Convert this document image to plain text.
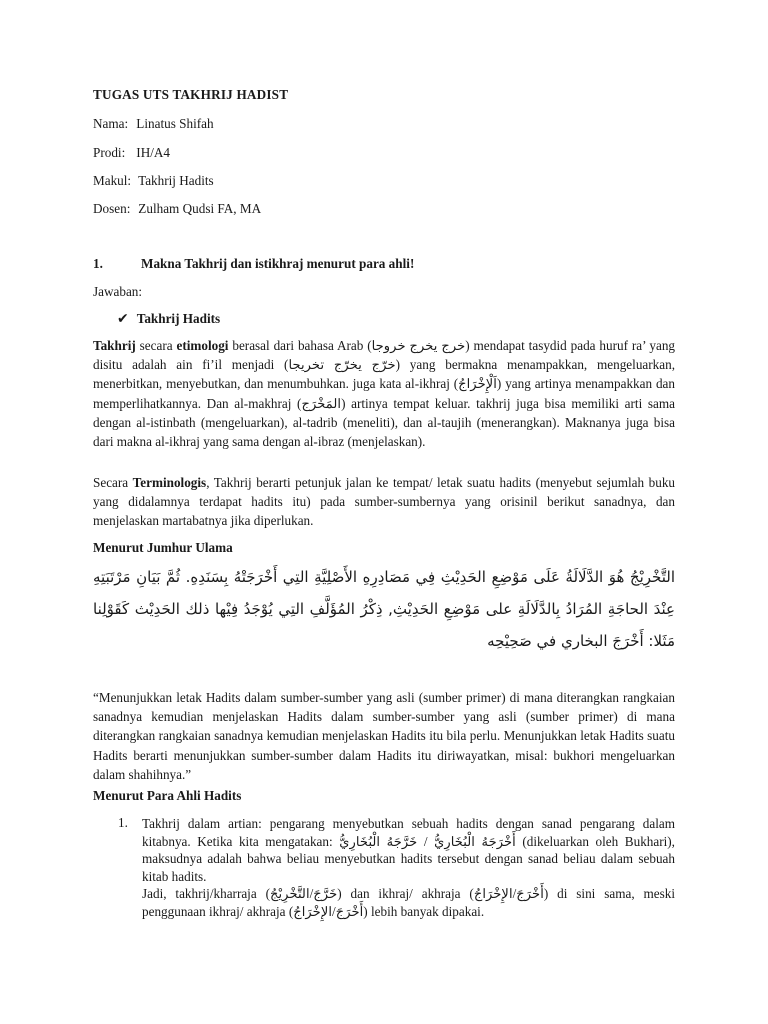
TUGAS UTS TAKHRIJ HADIST
Nama: Linatus Shifah
Prodi: IH/A4
Makul: Takhrij Hadits
Dosen: Zulham Qudsi FA, MA
1.	Makna Takhrij dan istikhraj menurut para ahli!
Jawaban:
✔ Takhrij Hadits
Takhrij secara etimologi berasal dari bahasa Arab (خرج يخرج خروجا) mendapat tasydid pada huruf ra’ yang disitu adalah ain fi’il menjadi (خرّج يخرّج تخريجا) yang bermakna menampakkan, mengeluarkan, menerbitkan, menyebutkan, dan menumbuhkan. juga kata al-ikhraj (اَلْإِخْرَاجُ) yang artinya menampakkan dan memperlihatkannya. Dan al-makhraj (المَخْرَج) artinya tempat keluar. takhrij juga bisa memiliki arti sama dengan al-istinbath (mengeluarkan), al-tadrib (meneliti), dan al-taujih (menerangkan). Maknanya juga bisa dari makna al-ikhraj yang sama dengan al-ibraz (menjelaskan).
Secara Terminologis, Takhrij berarti petunjuk jalan ke tempat/ letak suatu hadits (menyebut sejumlah buku yang didalamnya terdapat hadits itu) pada sumber-sumbernya yang orisinil berikut sanadnya, dan menjelaskan martabatnya jika diperlukan.
Menurut Jumhur Ulama
التَّخْرِيْجُ هُوَ الدَّلَالَةُ عَلَى مَوْضِعِ الحَدِيْثِ فِي مَصَادِرِهِ الأَصْلِيَّةِ التِي أَخْرَجَتْهُ بِسَنَدِهِ. ثُمَّ بَيَانِ مَرْتَبَتِهِ عِنْدَ الحاجَةِ المُرَادُ بِالدَّلَالَةِ على مَوْضِعِ الحَدِيْثِ, ذِكْرُ المُؤَلَّفِ التِي يُوْجَدُ فِيْها ذلك الحَدِيْث كَقَوْلِنا مَثَلا: أَخْرَجَ البخاري في صَحِيْحِه
“Menunjukkan letak Hadits dalam sumber-sumber yang asli (sumber primer) di mana diterangkan rangkaian sanadnya kemudian menjelaskan Hadits dalam sumber-sumber yang asli (sumber primer) di mana diterangkan rangkaian sanadnya kemudian menjelaskan Hadits itu bila perlu. Menunjukkan letak Hadits suatu Hadits berarti menunjukkan sumber-sumber dalam Hadits itu diriwayatkan, misal: bukhori mengeluarkan dalam shahihnya.”
Menurut Para Ahli Hadits
1. Takhrij dalam artian: pengarang menyebutkan sebuah hadits dengan sanad pengarang dalam kitabnya. Ketika kita mengatakan: أَخْرَجَهُ الْبُخَارِيُّ / خَرَّجَهُ الْبُخَارِيُّ (dikeluarkan oleh Bukhari), maksudnya adalah bahwa beliau menyebutkan hadits tersebut dengan sanad beliau dalam sebuah kitab hadits.
Jadi, takhrij/kharraja (خَرَّجَ/التَّخْرِيْجُ) dan ikhraj/ akhraja (أَخْرَجَ/الإِخْرَاجُ) di sini sama, meski penggunaan ikhraj/ akhraja (أَخْرَجَ/الإِخْرَاجُ) lebih banyak dipakai.
